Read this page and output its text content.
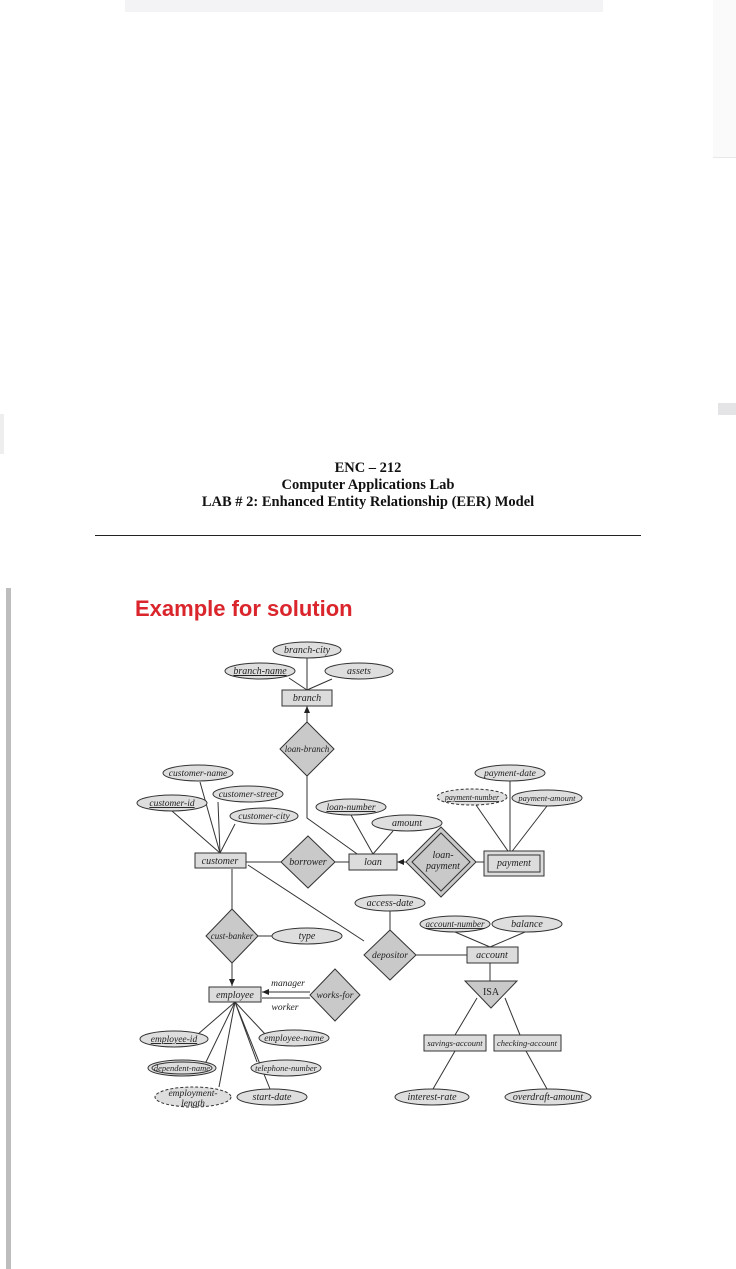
ENC – 212
Computer Applications Lab
LAB # 2: Enhanced Entity Relationship (EER) Model
Example for solution
branch
customer	loan	payment
employee
account
savings-account checking-account
loan-branch
borrower
loan-
payment
cust-banker
works-for
depositor
ISA
manager
worker
branch-city
branch-name	assets
customer-name
customer-street
customer-id
customer-city
loan-number
amount
payment-date
payment-number payment-amount
access-date
account-number	balance
type
employee-id	employee-name
dependent-name	telephone-number
employment-
length
start-date	interest-rate	overdraft-amount
